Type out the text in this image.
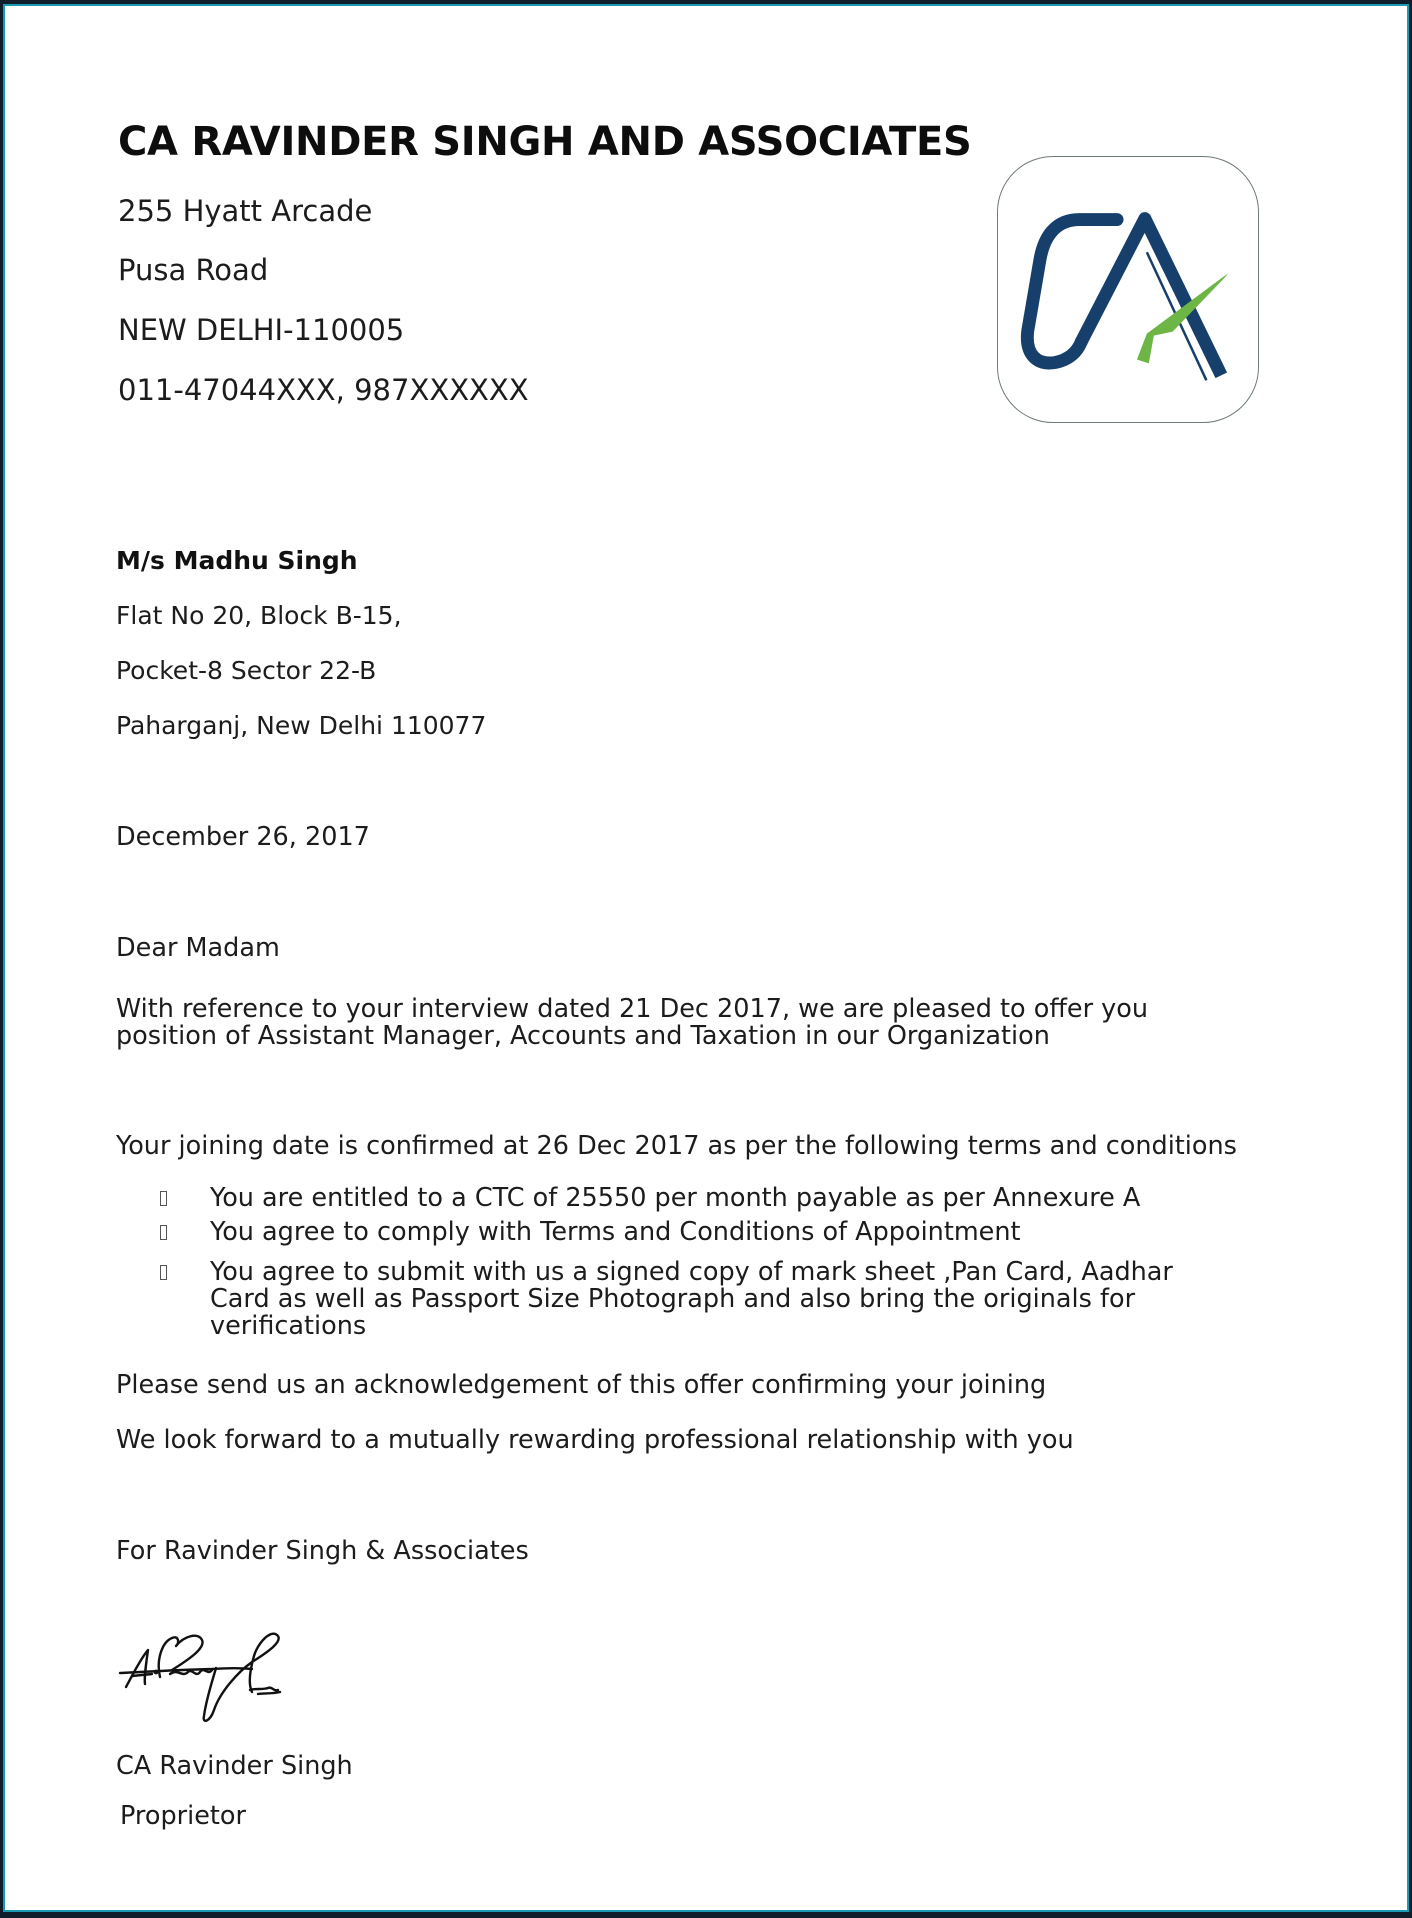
CA RAVINDER SINGH AND ASSOCIATES
255 Hyatt Arcade
Pusa Road
NEW DELHI-110005
011-47044XXX, 987XXXXXX
M/s Madhu Singh
Flat No 20, Block B-15,
Pocket-8 Sector 22-B
Paharganj, New Delhi 110077
December 26, 2017
Dear Madam
With reference to your interview dated 21 Dec 2017, we are pleased to offer you
position of Assistant Manager, Accounts and Taxation in our Organization
Your joining date is confirmed at 26 Dec 2017 as per the following terms and conditions
You are entitled to a CTC of 25550 per month payable as per Annexure A
You agree to comply with Terms and Conditions of Appointment
You agree to submit with us a signed copy of mark sheet ,Pan Card, Aadhar
Card as well as Passport Size Photograph and also bring the originals for
verifications
Please send us an acknowledgement of this offer confirming your joining
We look forward to a mutually rewarding professional relationship with you
For Ravinder Singh & Associates
CA Ravinder Singh
Proprietor
